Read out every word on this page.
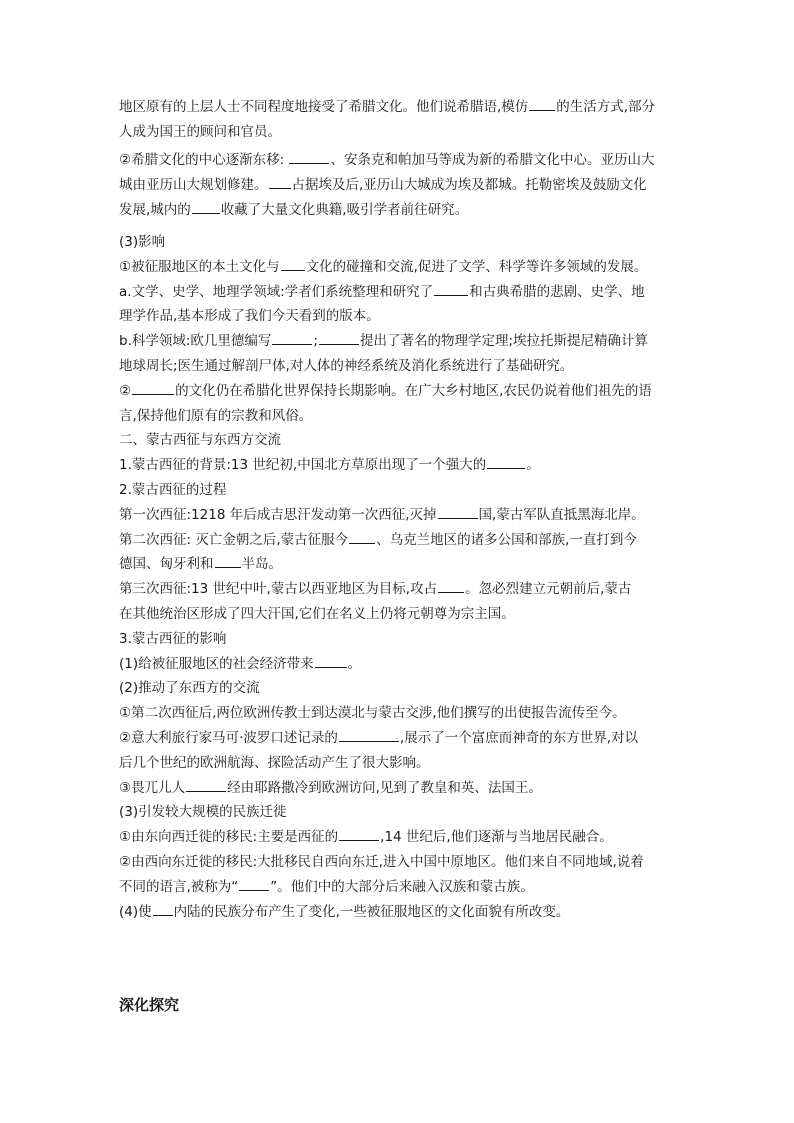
地区原有的上层人士不同程度地接受了希腊文化。他们说希腊语,模仿 的生活方式,部分
人成为国王的顾问和官员。
②希腊文化的中心逐渐东移:	、安条克和帕加马等成为新的希腊文化中心。亚历山大
城由亚历山大规划修建。 占据埃及后,亚历山大城成为埃及都城。托勒密埃及鼓励文化
发展,城内的 收藏了大量文化典籍,吸引学者前往研究。
(3)影响
①被征服地区的本土文化与 文化的碰撞和交流,促进了文学、科学等许多领域的发展。
a.文学、史学、地理学领域:学者们系统整理和研究了	和古典希腊的悲剧、史学、地
理学作品,基本形成了我们今天看到的版本。
b.科学领域:欧几里德编写	;	提出了著名的物理学定理;埃拉托斯提尼精确计算
地球周长;医生通过解剖尸体,对人体的神经系统及消化系统进行了基础研究。
②	的文化仍在希腊化世界保持长期影响。在广大乡村地区,农民仍说着他们祖先的语
言,保持他们原有的宗教和风俗。
二、蒙古西征与东西方交流
1.蒙古西征的背景:13 世纪初,中国北方草原出现了一个强大的	。
2.蒙古西征的过程
第一次西征:1218 年后成吉思汗发动第一次西征,灭掉	国,蒙古军队直抵黑海北岸。
第二次西征: 灭亡金朝之后,蒙古征服今 、乌克兰地区的诸多公国和部族,一直打到今
德国、匈牙利和 半岛。
第三次西征:13 世纪中叶,蒙古以西亚地区为目标,攻占 。忽必烈建立元朝前后,蒙古
在其他统治区形成了四大汗国,它们在名义上仍将元朝尊为宗主国。
3.蒙古西征的影响
(1)给被征服地区的社会经济带来	。
(2)推动了东西方的交流
①第二次西征后,两位欧洲传教士到达漠北与蒙古交涉,他们撰写的出使报告流传至今。
②意大利旅行家马可·波罗口述记录的	,展示了一个富庶而神奇的东方世界,对以
后几个世纪的欧洲航海、探险活动产生了很大影响。
③畏兀儿人	经由耶路撒冷到欧洲访问,见到了教皇和英、法国王。
(3)引发较大规模的民族迁徙
①由东向西迁徙的移民:主要是西征的	,14 世纪后,他们逐渐与当地居民融合。
②由西向东迁徙的移民:大批移民自西向东迁,进入中国中原地区。他们来自不同地域,说着
不同的语言,被称为“ ”。他们中的大部分后来融入汉族和蒙古族。
(4)使 内陆的民族分布产生了变化,一些被征服地区的文化面貌有所改变。
深化探究
